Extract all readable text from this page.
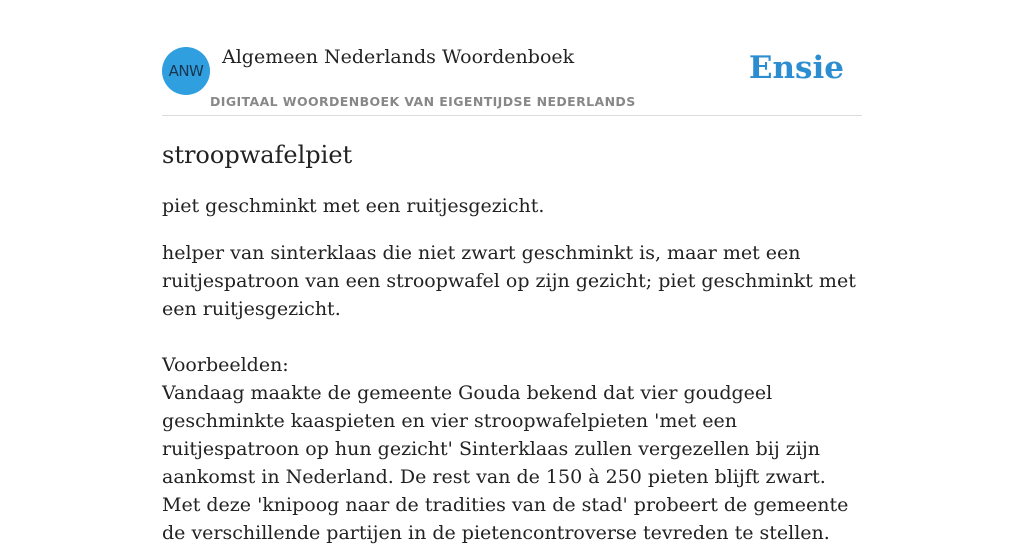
ANW
Algemeen Nederlands Woordenboek
DIGITAAL WOORDENBOEK VAN EIGENTIJDSE NEDERLANDS
Ensie
stroopwafelpiet
piet geschminkt met een ruitjesgezicht.

helper van sinterklaas die niet zwart geschminkt is, maar met een ruitjespatroon van een stroopwafel op zijn gezicht; piet geschminkt met een ruitjesgezicht.

Voorbeelden:

Vandaag maakte de gemeente Gouda bekend dat vier goudgeel geschminkte kaaspieten en vier stroopwafelpieten 'met een ruitjespatroon op hun gezicht' Sinterklaas zullen vergezellen bij zijn aankomst in Nederland. De rest van de 150 à 250 pieten blijft zwart. Met deze 'knipoog naar de tradities van de stad' probeert de gemeente de verschillende partijen in de pietencontroverse tevreden te stellen.
